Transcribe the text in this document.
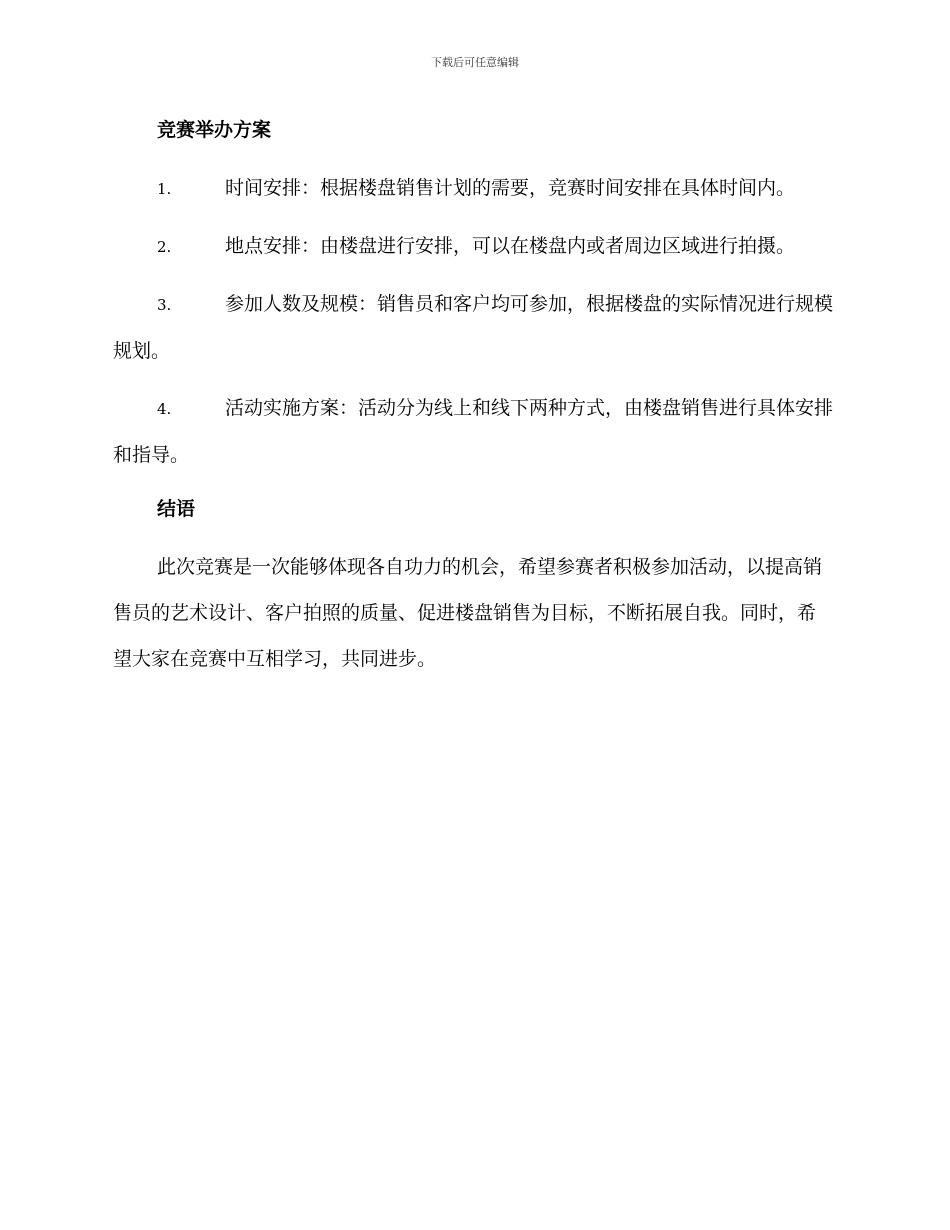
下载后可任意编辑
竞赛举办方案
1.	时间安排：根据楼盘销售计划的需要，竞赛时间安排在具体时间内。
2.	地点安排：由楼盘进行安排，可以在楼盘内或者周边区域进行拍摄。
3.	参加人数及规模：销售员和客户均可参加，根据楼盘的实际情况进行规模规划。
4.	活动实施方案：活动分为线上和线下两种方式，由楼盘销售进行具体安排和指导。
结语

此次竞赛是一次能够体现各自功力的机会，希望参赛者积极参加活动，以提高销售员的艺术设计、客户拍照的质量、促进楼盘销售为目标，不断拓展自我。同时，希望大家在竞赛中互相学习，共同进步。
